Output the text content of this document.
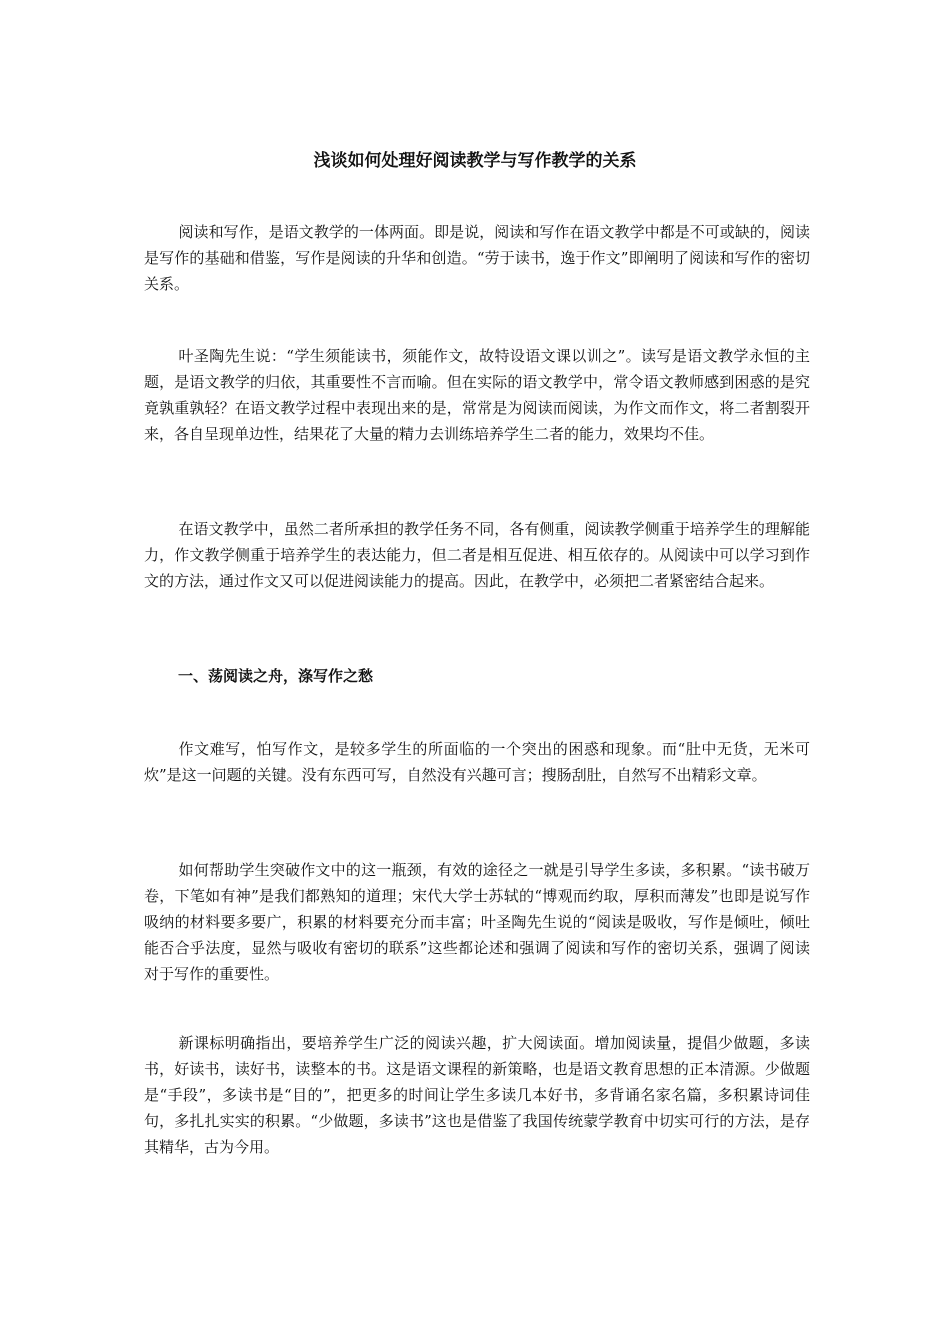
浅谈如何处理好阅读教学与写作教学的关系

阅读和写作，是语文教学的一体两面。即是说，阅读和写作在语文教学中都是不可或缺的，阅读是写作的基础和借鉴，写作是阅读的升华和创造。“劳于读书，逸于作文”即阐明了阅读和写作的密切关系。

叶圣陶先生说：“学生须能读书，须能作文，故特设语文课以训之”。读写是语文教学永恒的主题，是语文教学的归依，其重要性不言而喻。但在实际的语文教学中，常令语文教师感到困惑的是究竟孰重孰轻？在语文教学过程中表现出来的是，常常是为阅读而阅读，为作文而作文，将二者割裂开来，各自呈现单边性，结果花了大量的精力去训练培养学生二者的能力，效果均不佳。

在语文教学中，虽然二者所承担的教学任务不同，各有侧重，阅读教学侧重于培养学生的理解能力，作文教学侧重于培养学生的表达能力，但二者是相互促进、相互依存的。从阅读中可以学习到作文的方法，通过作文又可以促进阅读能力的提高。因此，在教学中，必须把二者紧密结合起来。

一、荡阅读之舟，涤写作之愁

作文难写，怕写作文，是较多学生的所面临的一个突出的困惑和现象。而“肚中无货，无米可炊”是这一问题的关键。没有东西可写，自然没有兴趣可言；搜肠刮肚，自然写不出精彩文章。

如何帮助学生突破作文中的这一瓶颈，有效的途径之一就是引导学生多读，多积累。“读书破万卷，下笔如有神”是我们都熟知的道理；宋代大学士苏轼的“博观而约取，厚积而薄发”也即是说写作吸纳的材料要多要广，积累的材料要充分而丰富；叶圣陶先生说的“阅读是吸收，写作是倾吐，倾吐能否合乎法度，显然与吸收有密切的联系”这些都论述和强调了阅读和写作的密切关系，强调了阅读对于写作的重要性。

新课标明确指出，要培养学生广泛的阅读兴趣，扩大阅读面。增加阅读量，提倡少做题，多读书，好读书，读好书，读整本的书。这是语文课程的新策略，也是语文教育思想的正本清源。少做题是“手段”，多读书是“目的”，把更多的时间让学生多读几本好书，多背诵名家名篇，多积累诗词佳句，多扎扎实实的积累。“少做题，多读书”这也是借鉴了我国传统蒙学教育中切实可行的方法，是存其精华，古为今用。
